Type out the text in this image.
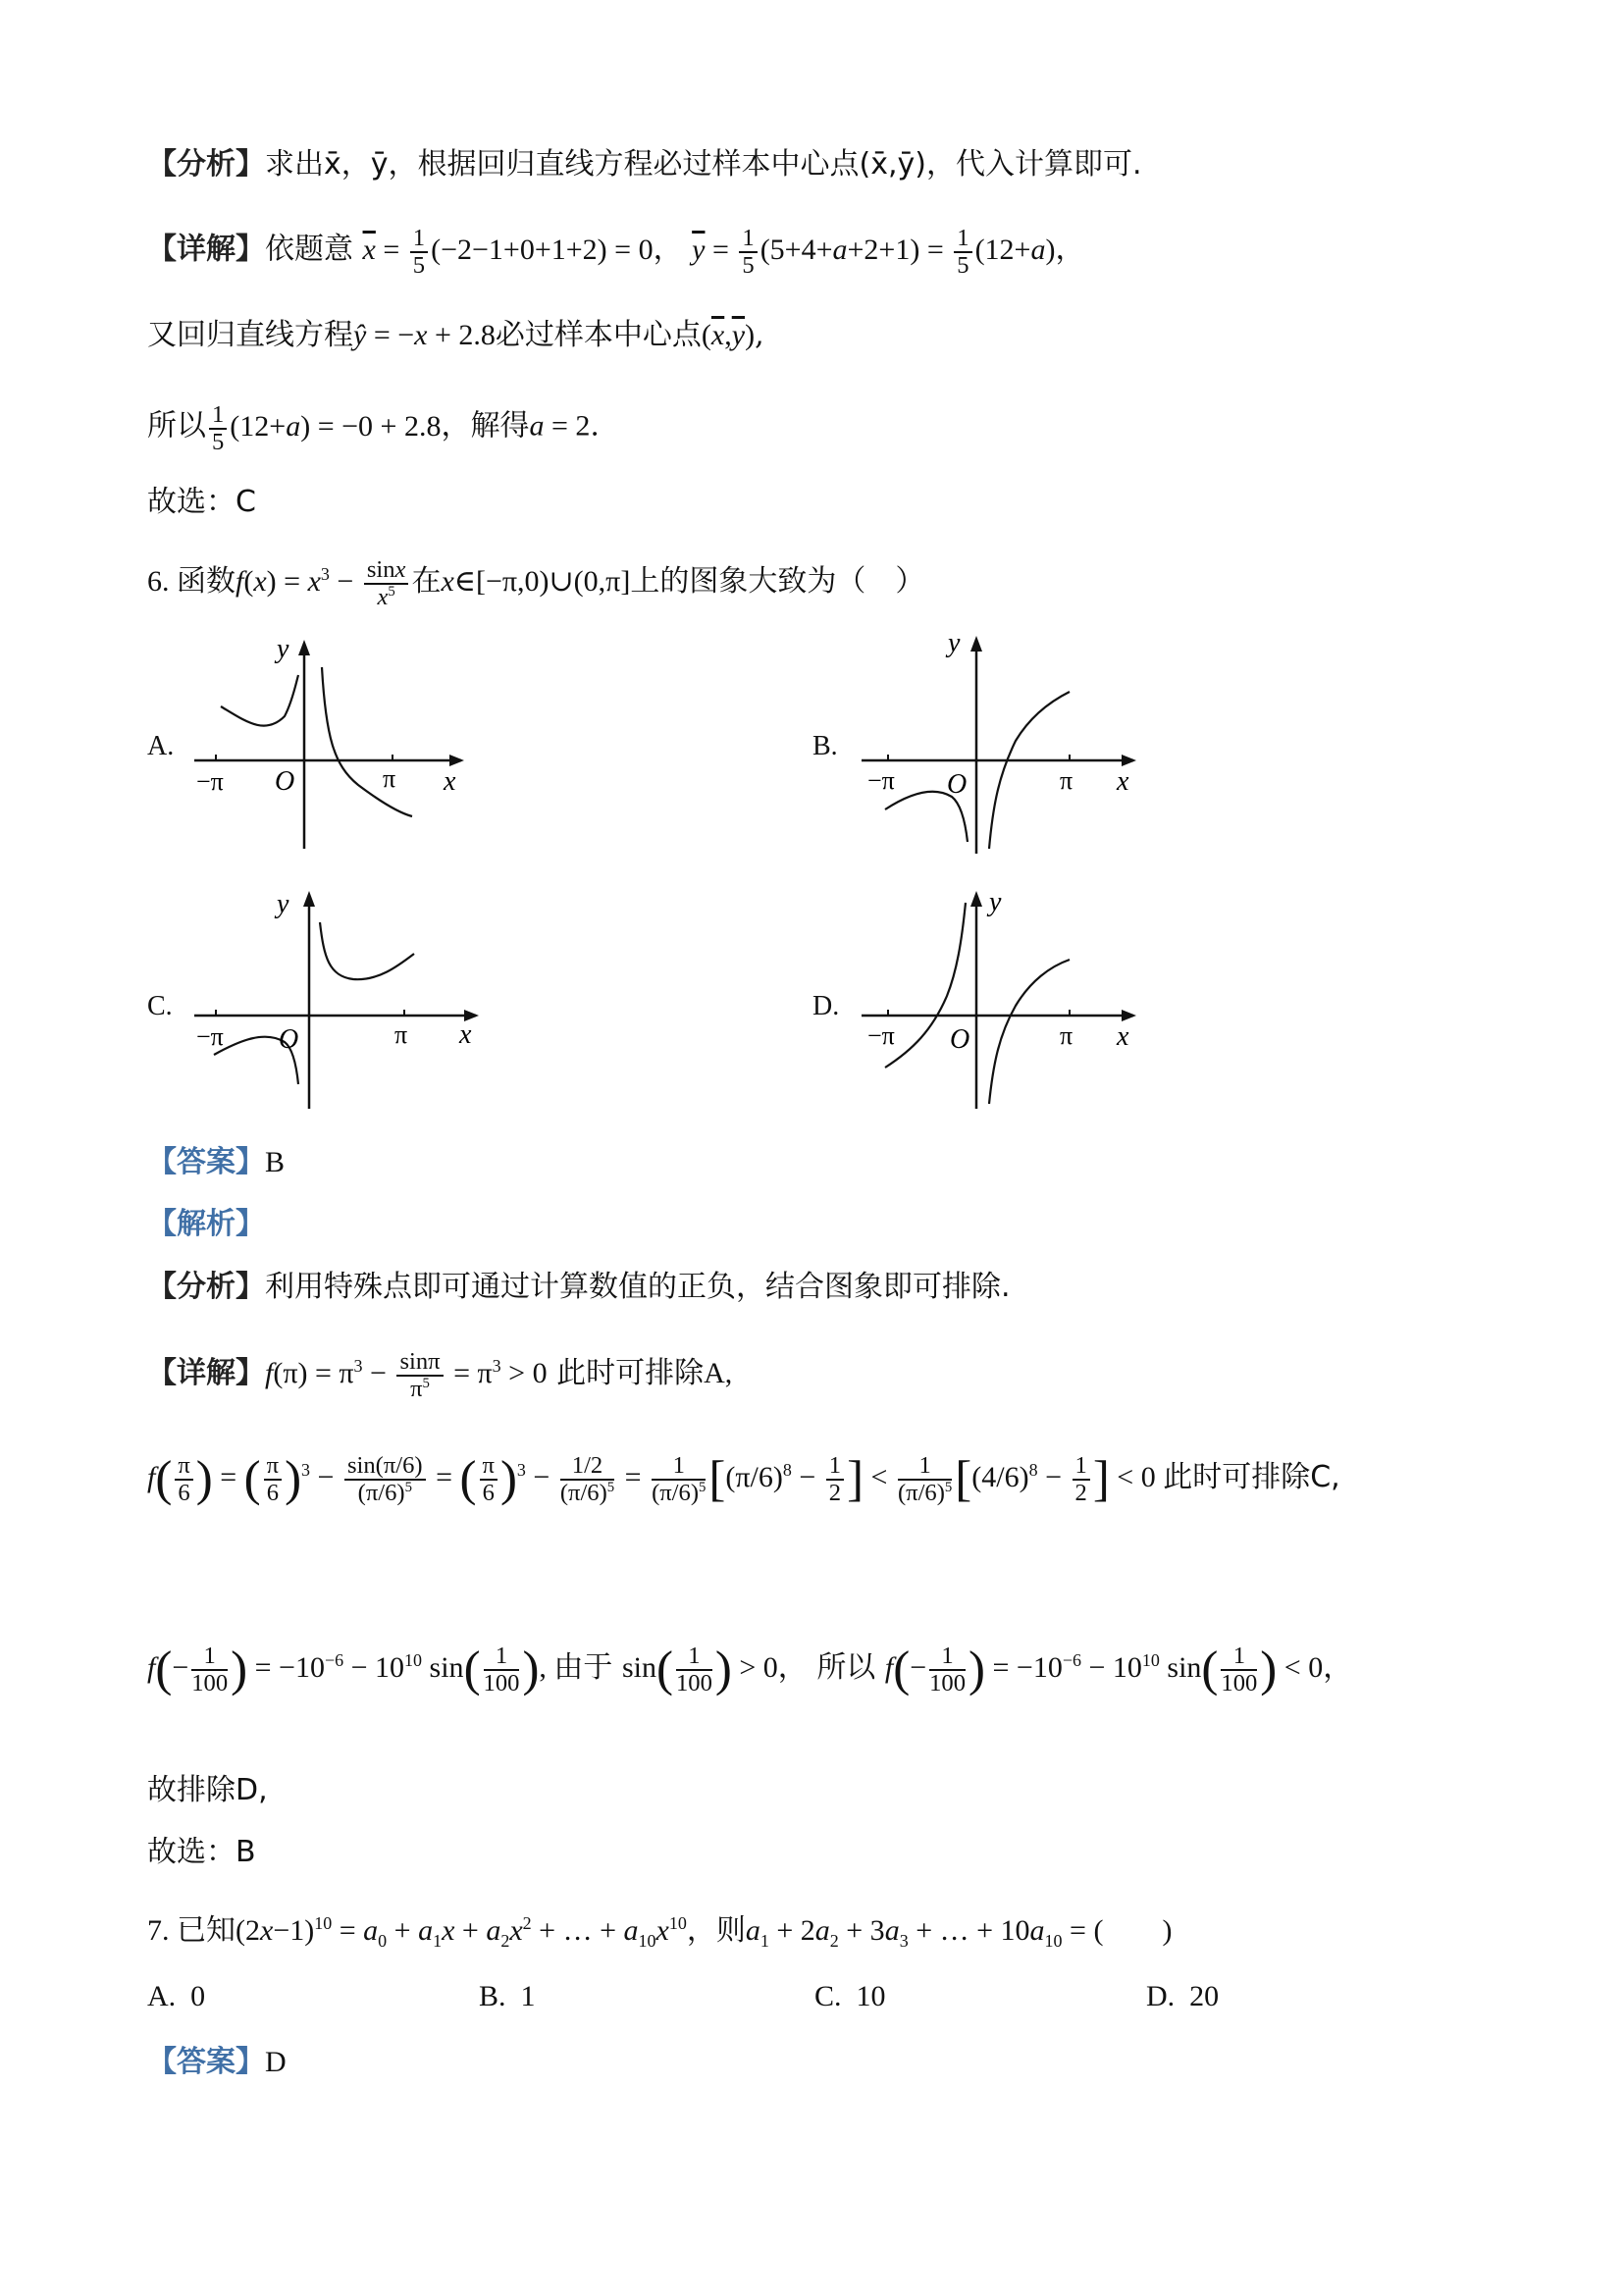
【分析】求出x̄，ȳ，根据回归直线方程必过样本中心点(x̄,ȳ)，代入计算即可.
【详解】依题意 $\overline{x} = \frac{1}{5} (-2-1+0+1+2) = 0$， $\overline{y} = \frac{1}{5} (5+4+a+2+1) = \frac{1}{5} (12+a)$，
又回归直线方程ŷ = −x + 2.8必过样本中心点$(\overline{x},\overline{y})$,
所以 $\frac{1}{5} (12+a) = -0 + 2.8$，解得a = 2.
故选：C
6. 函数$f(x) = x^3 - \frac{\sin x}{x^5}$ 在x∈[−π,0)∪(0,π]上的图象大致为（　）
A.
y
−π O	π x
B.
y
−π O	π x
C.
y
−π O	π x
D.
y
−π O	π x
【答案】B
【解析】
【分析】利用特殊点即可通过计算数值的正负，结合图象即可排除.
【详解】$f(\pi) = \pi^3 - \frac{\sin\pi}{\pi^5} = \pi^3 > 0$ 此时可排除A,
$f( \frac{\pi}{6}$ ) = ( $\frac{\pi}{6} )^3 - \frac{\sin(\pi/6)}{(\pi/6)^5}$ = ( $\frac{\pi}{6} )^3 - \frac{1/2}{(\pi/6)^5} = \frac{1}{(\pi/6)^5} [(\pi/6)^8 - \frac{1}{2}$ ] < $\frac{1}{(\pi/6)^5} [(4/6)^8 - \frac{1}{2}$ ] < 0 此时可排除C,
$f(- \frac{1}{100}$ ) = $-10^{-6} - 10^{10}$ $\sin( \frac{1}{100}$ ), 由于 $\sin( \frac{1}{100}$ ) > 0， 所以 $f(- \frac{1}{100}$ ) = $-10^{-6} - 10^{10}$ $\sin( \frac{1}{100}$ ) < 0，
故排除D,
故选：B
7. 已知$(2x-1)^{10} = a_0 + a_1x + a_2x^2$ + … + $a_{10}x^{10}$，则$a_1 + 2a_2 + 3a_3$ + … + $10a_{10}$ = (　　)
A. 0	B. 1	C. 10	D. 20
【答案】D
